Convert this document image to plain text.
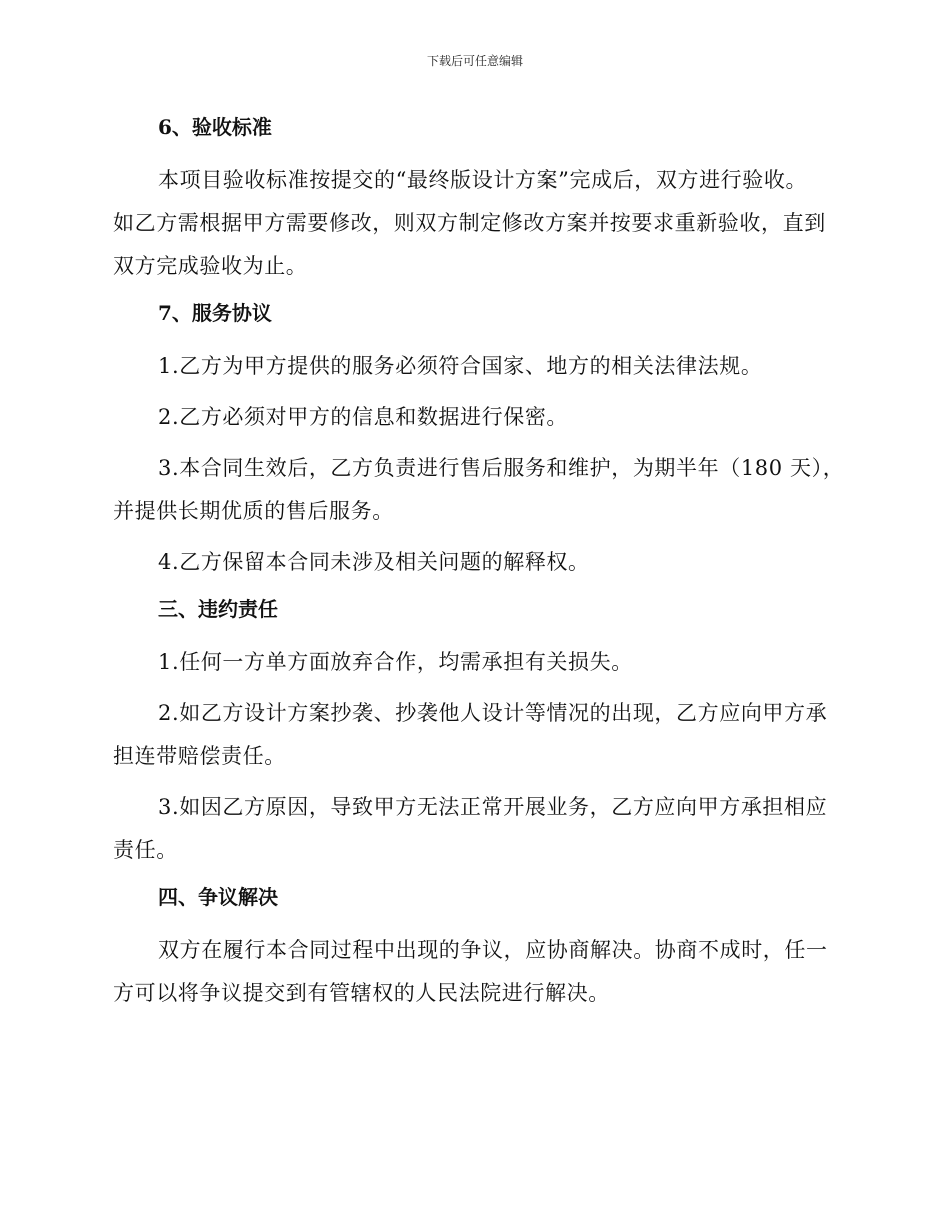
下载后可任意编辑
6、验收标准
本项目验收标准按提交的“最终版设计方案”完成后，双方进行验收。
如乙方需根据甲方需要修改，则双方制定修改方案并按要求重新验收，直到
双方完成验收为止。
7、服务协议
1.乙方为甲方提供的服务必须符合国家、地方的相关法律法规。
2.乙方必须对甲方的信息和数据进行保密。
3.本合同生效后，乙方负责进行售后服务和维护，为期半年（180 天），
并提供长期优质的售后服务。
4.乙方保留本合同未涉及相关问题的解释权。
三、违约责任
1.任何一方单方面放弃合作，均需承担有关损失。
2.如乙方设计方案抄袭、抄袭他人设计等情况的出现，乙方应向甲方承
担连带赔偿责任。
3.如因乙方原因，导致甲方无法正常开展业务，乙方应向甲方承担相应
责任。
四、争议解决
双方在履行本合同过程中出现的争议，应协商解决。协商不成时，任一
方可以将争议提交到有管辖权的人民法院进行解决。
